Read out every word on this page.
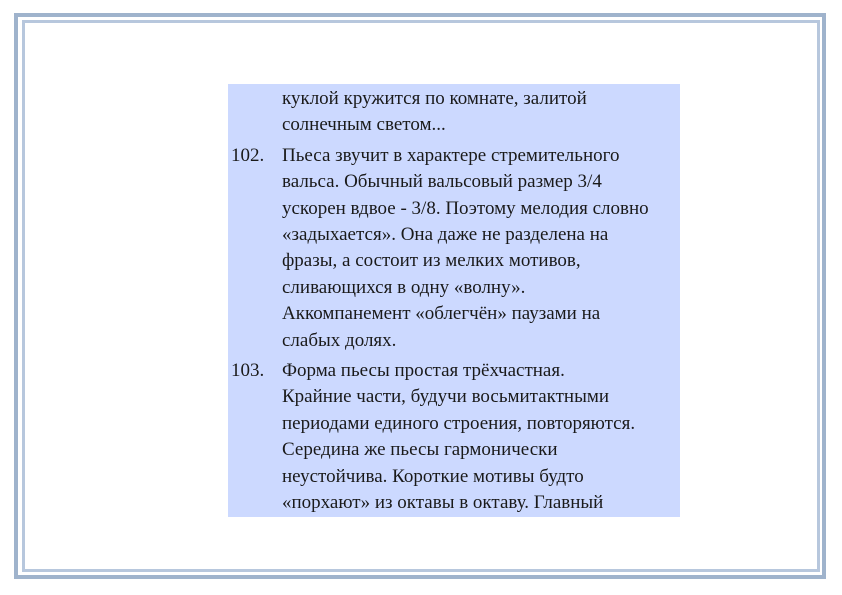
куклой кружится по комнате, залитой
солнечным светом...
102. Пьеса звучит в характере стремительного
вальса. Обычный вальсовый размер 3/4
ускорен вдвое - 3/8. Поэтому мелодия словно
«задыхается». Она даже не разделена на
фразы, а состоит из мелких мотивов,
сливающихся в одну «волну».
Аккомпанемент «облегчён» паузами на
слабых долях.
103. Форма пьесы простая трёхчастная.
Крайние части, будучи восьмитактными
периодами единого строения, повторяются.
Середина же пьесы гармонически
неустойчива. Короткие мотивы будто
«порхают» из октавы в октаву. Главный
